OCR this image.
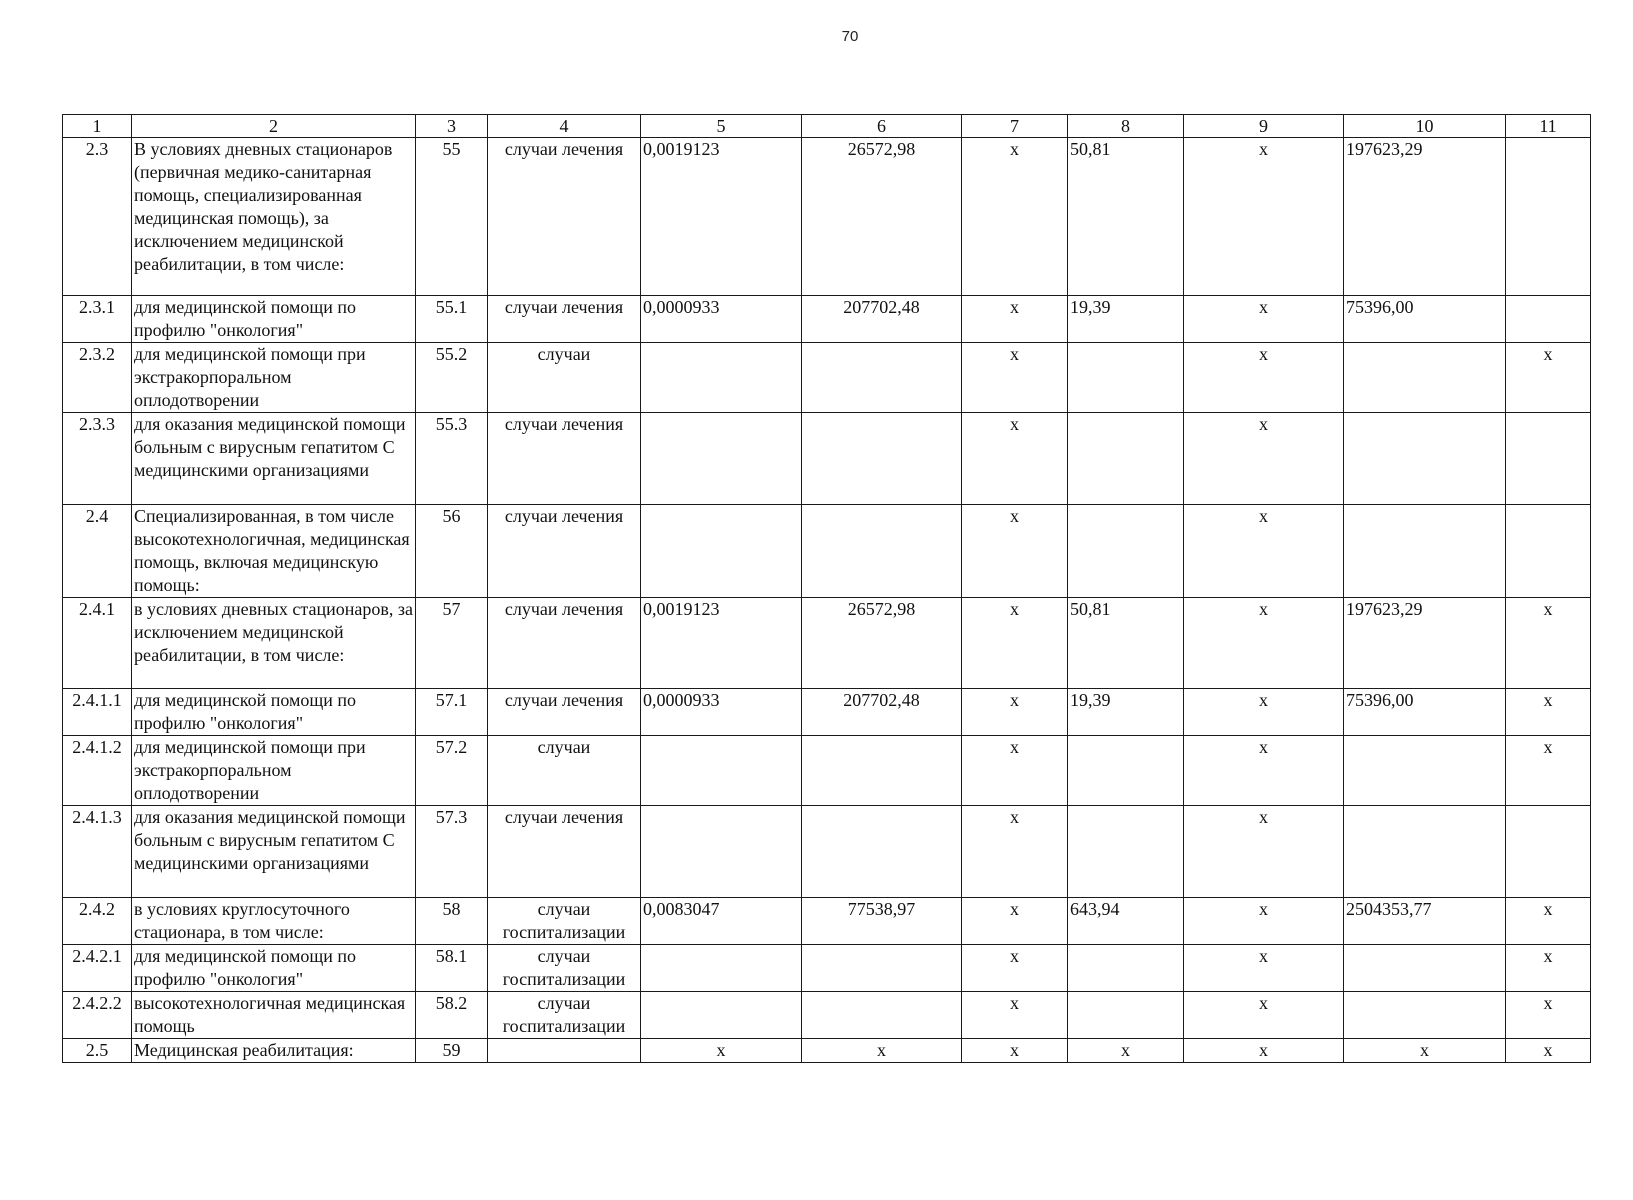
70
1	2	3	4	5	6	7	8	9	10	11
2.3	В условиях дневных стационаров (первичная медико-санитарная помощь, специализированная медицинская помощь), за исключением медицинской реабилитации, в том числе:	55	случаи лечения	0,0019123	26572,98	х	50,81	х	197623,29	
2.3.1	для медицинской помощи по профилю "онкология"	55.1	случаи лечения	0,0000933	207702,48	х	19,39	х	75396,00	
2.3.2	для медицинской помощи при экстракорпоральном оплодотворении	55.2	случаи			х		х		х
2.3.3	для оказания медицинской помощи больным с вирусным гепатитом С медицинскими организациями	55.3	случаи лечения			х		х		
2.4	Специализированная, в том числе высокотехнологичная, медицинская помощь, включая медицинскую помощь:	56	случаи лечения			х		х		
2.4.1	в условиях дневных стационаров, за исключением медицинской реабилитации, в том числе:	57	случаи лечения	0,0019123	26572,98	х	50,81	х	197623,29	х
2.4.1.1	для медицинской помощи по профилю "онкология"	57.1	случаи лечения	0,0000933	207702,48	х	19,39	х	75396,00	х
2.4.1.2	для медицинской помощи при экстракорпоральном оплодотворении	57.2	случаи			х		х		х
2.4.1.3	для оказания медицинской помощи больным с вирусным гепатитом С медицинскими организациями	57.3	случаи лечения			х		х		
2.4.2	в условиях круглосуточного стационара, в том числе:	58	случаи госпитализации	0,0083047	77538,97	х	643,94	х	2504353,77	х
2.4.2.1	для медицинской помощи по профилю "онкология"	58.1	случаи госпитализации			х		х		х
2.4.2.2	высокотехнологичная медицинская помощь	58.2	случаи госпитализации			х		х		х
2.5	Медицинская реабилитация:	59		х	х	х	х	х	х	х
